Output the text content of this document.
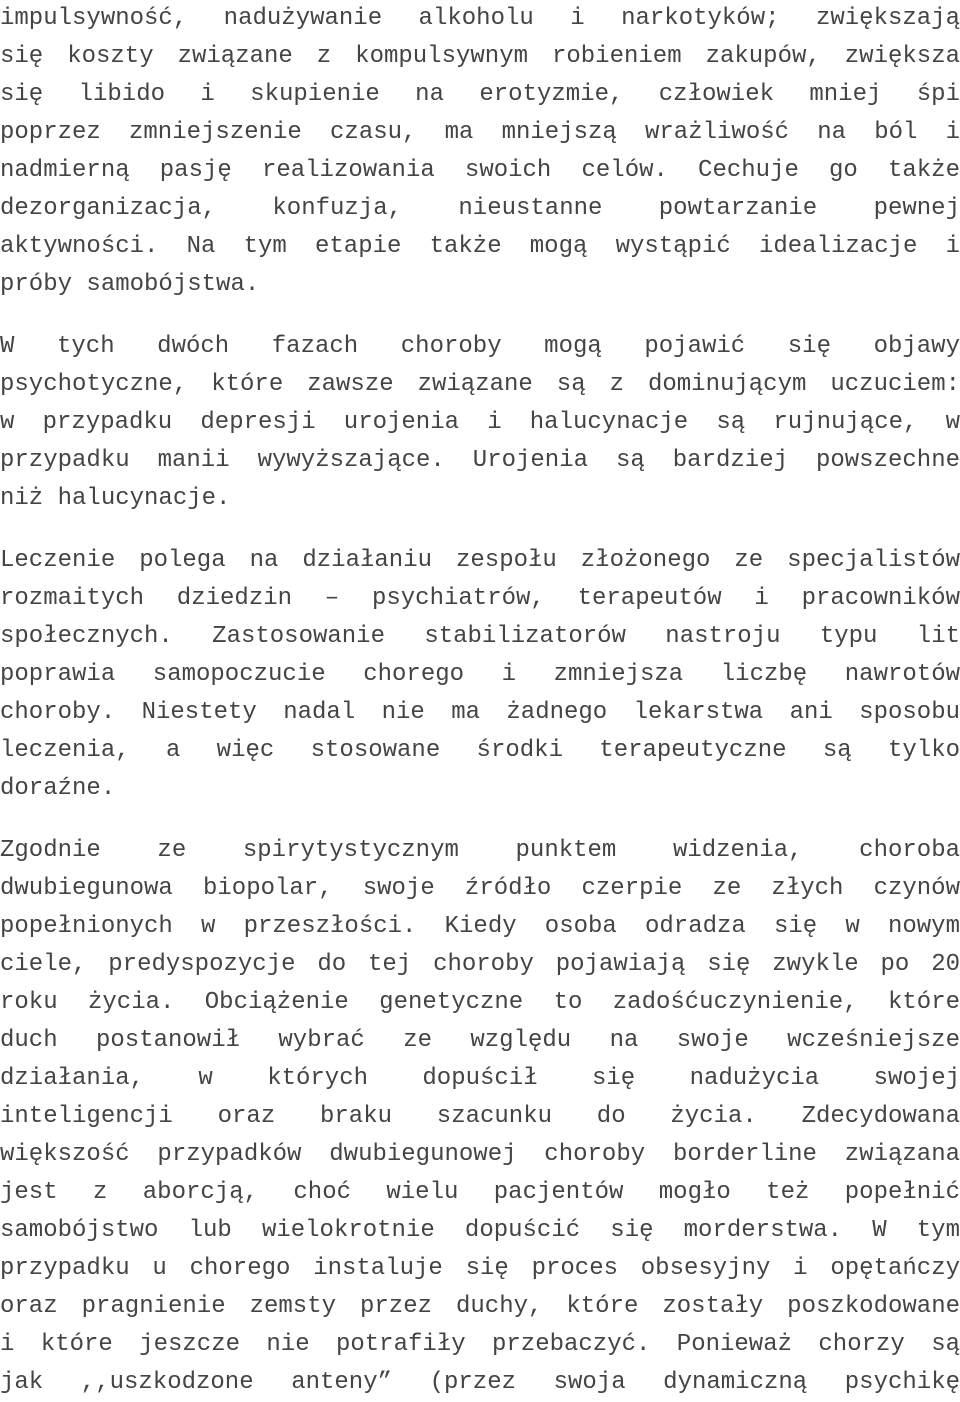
impulsywność, nadużywanie alkoholu i narkotyków; zwiększają
się koszty związane z kompulsywnym robieniem zakupów, zwiększa
się libido i skupienie na erotyzmie, człowiek mniej śpi
poprzez zmniejszenie czasu, ma mniejszą wrażliwość na ból i
nadmierną pasję realizowania swoich celów. Cechuje go także
dezorganizacja, konfuzja, nieustanne powtarzanie pewnej
aktywności. Na tym etapie także mogą wystąpić idealizacje i
próby samobójstwa.
W tych dwóch fazach choroby mogą pojawić się objawy
psychotyczne, które zawsze związane są z dominującym uczuciem:
w przypadku depresji urojenia i halucynacje są rujnujące, w
przypadku manii wywyższające. Urojenia są bardziej powszechne
niż halucynacje.
Leczenie polega na działaniu zespołu złożonego ze specjalistów
rozmaitych dziedzin – psychiatrów, terapeutów i pracowników
społecznych. Zastosowanie stabilizatorów nastroju typu lit
poprawia samopoczucie chorego i zmniejsza liczbę nawrotów
choroby. Niestety nadal nie ma żadnego lekarstwa ani sposobu
leczenia, a więc stosowane środki terapeutyczne są tylko
doraźne.
Zgodnie ze spirytystycznym punktem widzenia, choroba
dwubiegunowa biopolar, swoje źródło czerpie ze złych czynów
popełnionych w przeszłości. Kiedy osoba odradza się w nowym
ciele, predyspozycje do tej choroby pojawiają się zwykle po 20
roku życia. Obciążenie genetyczne to zadośćuczynienie, które
duch postanowił wybrać ze względu na swoje wcześniejsze
działania, w których dopuścił się nadużycia swojej
inteligencji oraz braku szacunku do życia. Zdecydowana
większość przypadków dwubiegunowej choroby borderline związana
jest z aborcją, choć wielu pacjentów mogło też popełnić
samobójstwo lub wielokrotnie dopuścić się morderstwa. W tym
przypadku u chorego instaluje się proces obsesyjny i opętańczy
oraz pragnienie zemsty przez duchy, które zostały poszkodowane
i które jeszcze nie potrafiły przebaczyć. Ponieważ chorzy są
jak ,,uszkodzone anteny” (przez swoja dynamiczną psychikę
